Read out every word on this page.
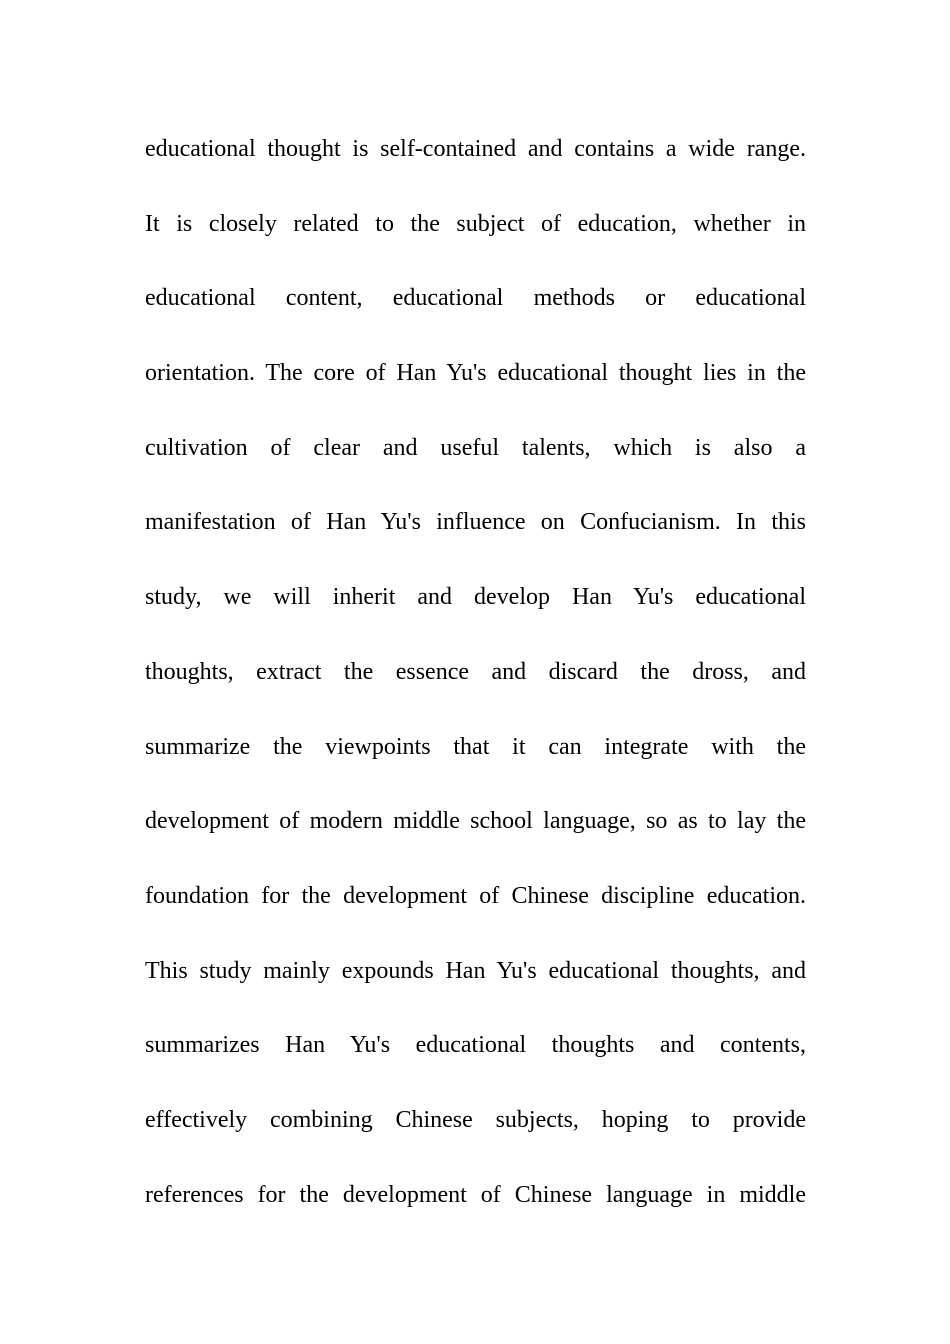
educational thought is self-contained and contains a wide range.
It is closely related to the subject of education, whether in
educational content, educational methods or educational
orientation. The core of Han Yu's educational thought lies in the
cultivation of clear and useful talents, which is also a
manifestation of Han Yu's influence on Confucianism. In this
study, we will inherit and develop Han Yu's educational
thoughts, extract the essence and discard the dross, and
summarize the viewpoints that it can integrate with the
development of modern middle school language, so as to lay the
foundation for the development of Chinese discipline education.
This study mainly expounds Han Yu's educational thoughts, and
summarizes Han Yu's educational thoughts and contents,
effectively combining Chinese subjects, hoping to provide
references for the development of Chinese language in middle
